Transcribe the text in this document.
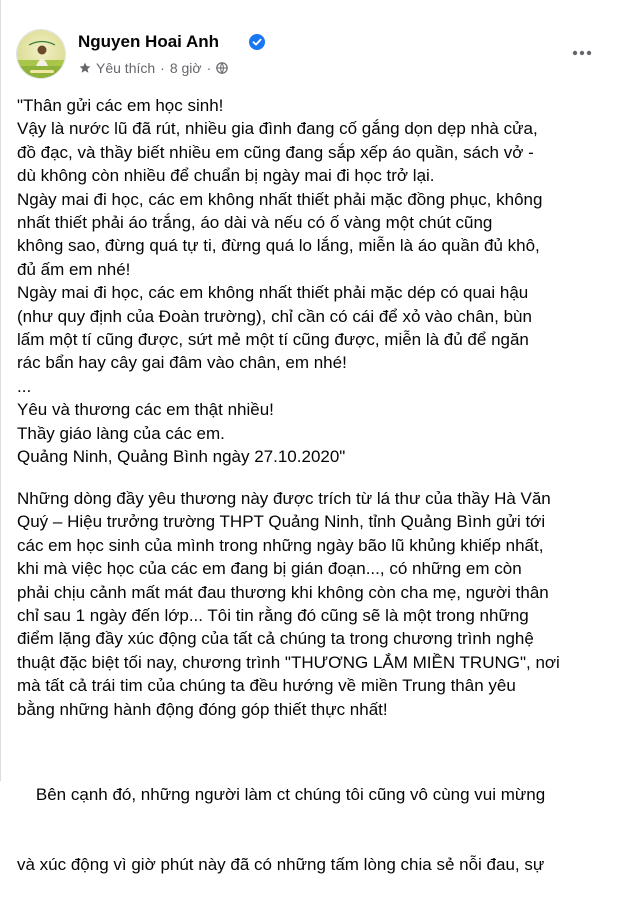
Nguyen Hoai Anh
Yêu thích · 8 giờ ·
"Thân gửi các em học sinh!
Vậy là nước lũ đã rút, nhiều gia đình đang cố gắng dọn dẹp nhà cửa,
đồ đạc, và thầy biết nhiều em cũng đang sắp xếp áo quần, sách vở -
dù không còn nhiều để chuẩn bị ngày mai đi học trở lại.
Ngày mai đi học, các em không nhất thiết phải mặc đồng phục, không
nhất thiết phải áo trắng, áo dài và nếu có ố vàng một chút cũng
không sao, đừng quá tự ti, đừng quá lo lắng, miễn là áo quần đủ khô,
đủ ấm em nhé!
Ngày mai đi học, các em không nhất thiết phải mặc dép có quai hậu
(như quy định của Đoàn trường), chỉ cần có cái để xỏ vào chân, bùn
lấm một tí cũng được, sứt mẻ một tí cũng được, miễn là đủ để ngăn
rác bẩn hay cây gai đâm vào chân, em nhé!
...
Yêu và thương các em thật nhiều!
Thầy giáo làng của các em.
Quảng Ninh, Quảng Bình ngày 27.10.2020"
Những dòng đầy yêu thương này được trích từ lá thư của thầy Hà Văn
Quý – Hiệu trưởng trường THPT Quảng Ninh, tỉnh Quảng Bình gửi tới
các em học sinh của mình trong những ngày bão lũ khủng khiếp nhất,
khi mà việc học của các em đang bị gián đoạn..., có những em còn
phải chịu cảnh mất mát đau thương khi không còn cha mẹ, người thân
chỉ sau 1 ngày đến lớp... Tôi tin rằng đó cũng sẽ là một trong những
điểm lặng đầy xúc động của tất cả chúng ta trong chương trình nghệ
thuật đặc biệt tối nay, chương trình "THƯƠNG LẮM MIỀN TRUNG", nơi
mà tất cả trái tim của chúng ta đều hướng về miền Trung thân yêu
bằng những hành động đóng góp thiết thực nhất!

Bên cạnh đó, những người làm ct chúng tôi cũng vô cùng vui mừng

và xúc động vì giờ phút này đã có những tấm lòng chia sẻ nỗi đau, sự
